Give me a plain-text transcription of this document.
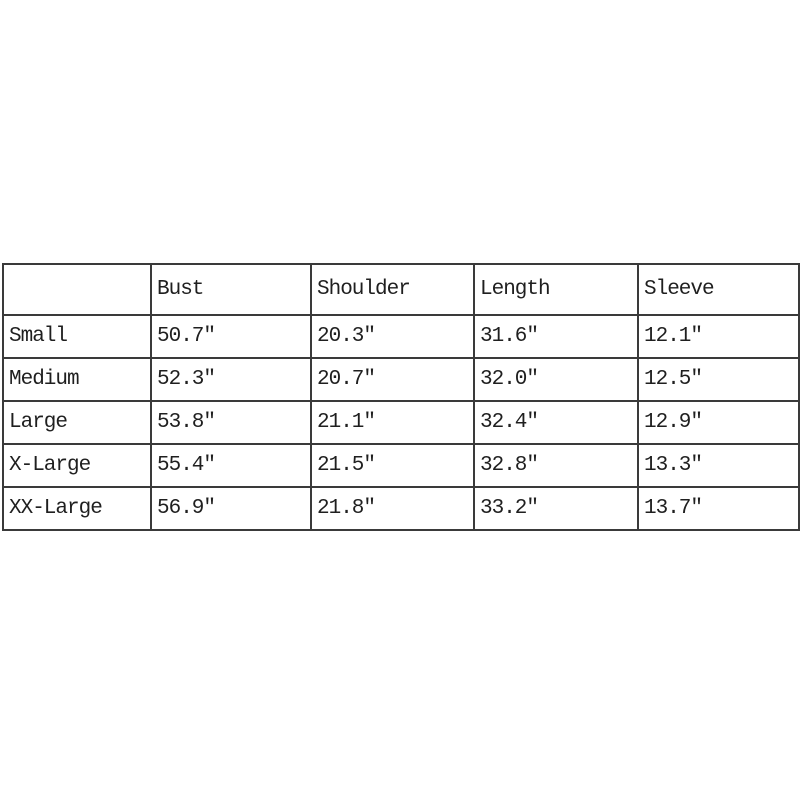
	Bust	Shoulder	Length	Sleeve
Small	50.7″	20.3″	31.6″	12.1″
Medium	52.3″	20.7″	32.0″	12.5″
Large	53.8″	21.1″	32.4″	12.9″
X-Large	55.4″	21.5″	32.8″	13.3″
XX-Large	56.9″	21.8″	33.2″	13.7″
